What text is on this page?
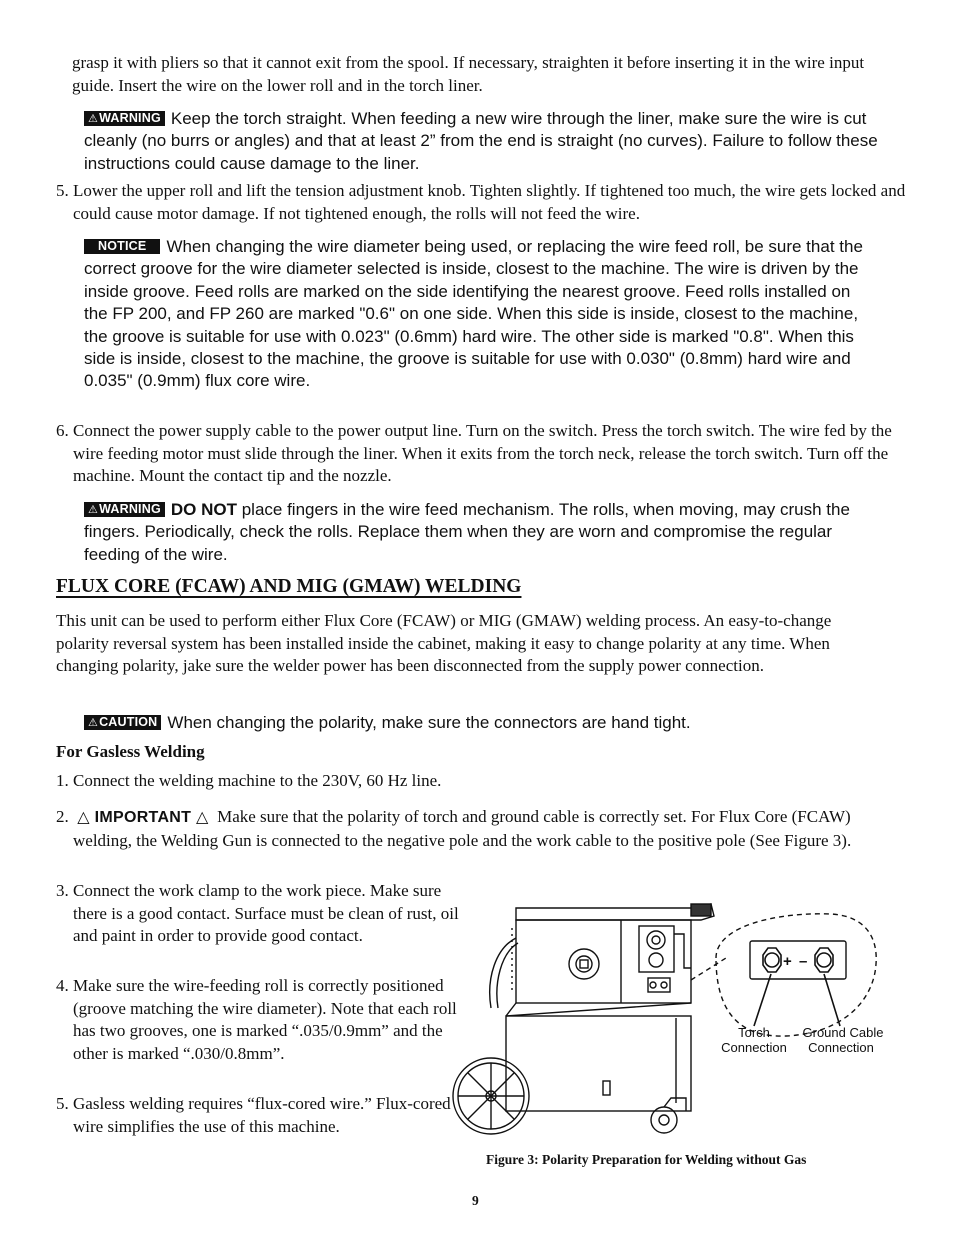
grasp it with pliers so that it cannot exit from the spool. If necessary, straighten it before inserting it in the wire input guide. Insert the wire on the lower roll and in the torch liner.

⚠WARNING Keep the torch straight. When feeding a new wire through the liner, make sure the wire is cut cleanly (no burrs or angles) and that at least 2” from the end is straight (no curves). Failure to follow these instructions could cause damage to the liner.

5. Lower the upper roll and lift the tension adjustment knob. Tighten slightly. If tightened too much, the wire gets locked and could cause motor damage. If not tightened enough, the rolls will not feed the wire.

NOTICE When changing the wire diameter being used, or replacing the wire feed roll, be sure that the correct groove for the wire diameter selected is inside, closest to the machine. The wire is driven by the inside groove. Feed rolls are marked on the side identifying the nearest groove. Feed rolls installed on the FP 200, and FP 260 are marked "0.6" on one side. When this side is inside, closest to the machine, the groove is suitable for use with 0.023" (0.6mm) hard wire. The other side is marked "0.8". When this side is inside, closest to the machine, the groove is suitable for use with 0.030" (0.8mm) hard wire and 0.035" (0.9mm) flux core wire.

6. Connect the power supply cable to the power output line. Turn on the switch. Press the torch switch. The wire fed by the wire feeding motor must slide through the liner. When it exits from the torch neck, release the torch switch. Turn off the machine. Mount the contact tip and the nozzle.

⚠WARNING DO NOT place fingers in the wire feed mechanism. The rolls, when moving, may crush the fingers. Periodically, check the rolls. Replace them when they are worn and compromise the regular feeding of the wire.
FLUX CORE (FCAW) AND MIG (GMAW) WELDING

This unit can be used to perform either Flux Core (FCAW) or MIG (GMAW) welding process. An easy-to-change polarity reversal system has been installed inside the cabinet, making it easy to change polarity at any time. When changing polarity, jake sure the welder power has been disconnected from the supply power connection.

⚠CAUTION When changing the polarity, make sure the connectors are hand tight.
For Gasless Welding

1. Connect the welding machine to the 230V, 60 Hz line.

2. △ IMPORTANT △ Make sure that the polarity of torch and ground cable is correctly set. For Flux Core (FCAW) welding, the Welding Gun is connected to the negative pole and the work cable to the positive pole (See Figure 3).

3. Connect the work clamp to the work piece. Make sure there is a good contact. Surface must be clean of rust, oil and paint in order to provide good contact.

4. Make sure the wire-feeding roll is correctly positioned (groove matching the wire diameter). Note that each roll has two grooves, one is marked “.035/0.9mm” and the other is marked “.030/0.8mm”.

5. Gasless welding requires “flux-cored wire.” Flux-cored wire simplifies the use of this machine.

+ –
Torch
Connection
Ground Cable
Connection
Figure 3: Polarity Preparation for Welding without Gas
9
